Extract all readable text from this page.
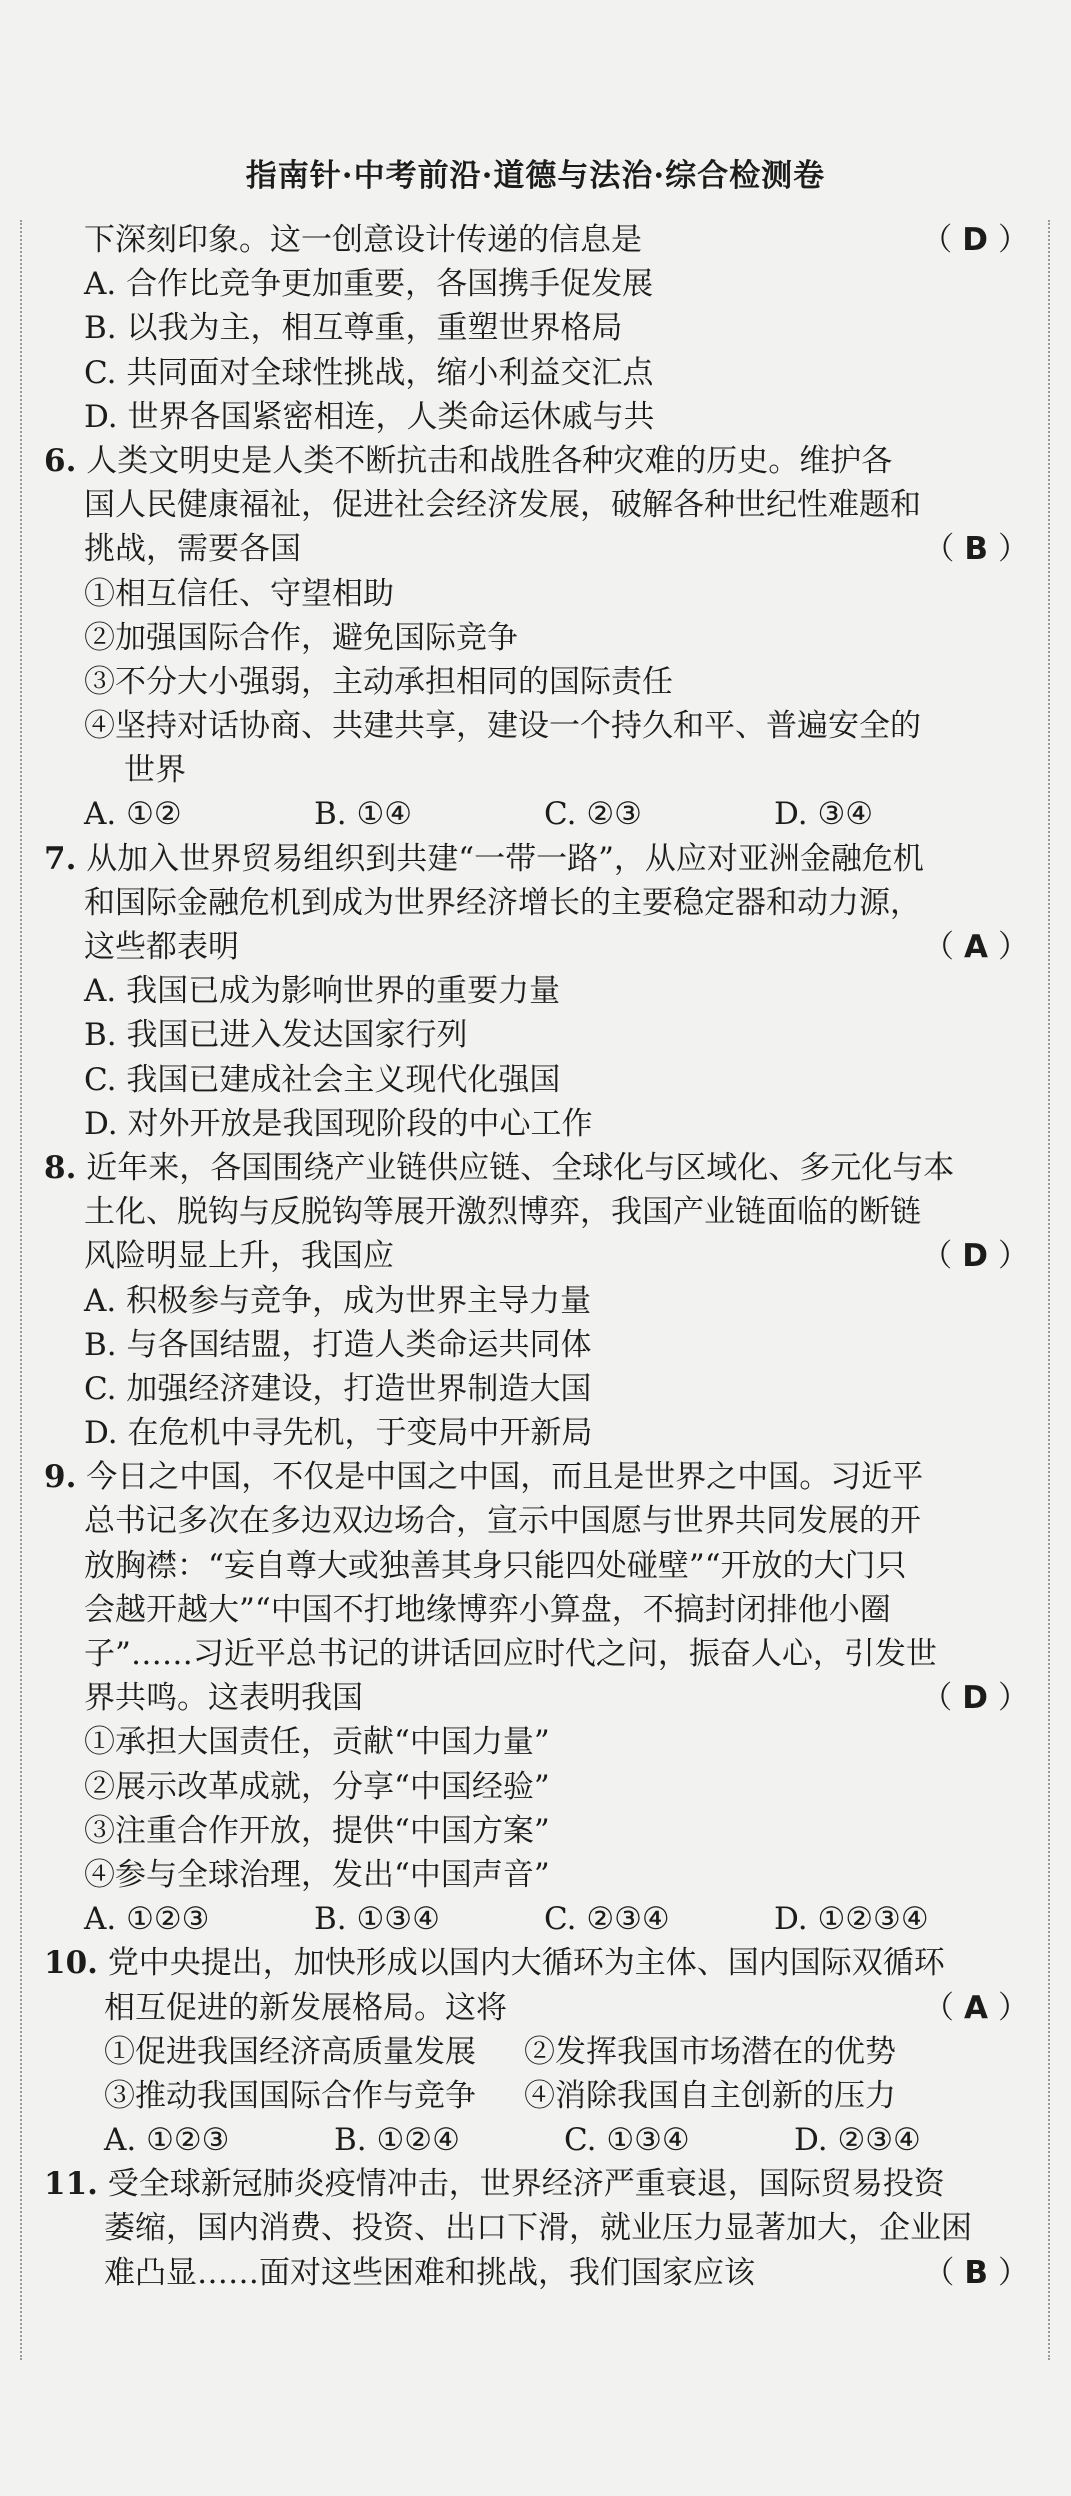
指南针·中考前沿·道德与法治·综合检测卷
下深刻印象。这一创意设计传递的信息是	（ D ）
A. 合作比竞争更加重要，各国携手促发展
B. 以我为主，相互尊重，重塑世界格局
C. 共同面对全球性挑战，缩小利益交汇点
D. 世界各国紧密相连，人类命运休戚与共
6. 人类文明史是人类不断抗击和战胜各种灾难的历史。维护各
国人民健康福祉，促进社会经济发展，破解各种世纪性难题和
挑战，需要各国	（ B ）
①相互信任、守望相助
②加强国际合作，避免国际竞争
③不分大小强弱，主动承担相同的国际责任
④坚持对话协商、共建共享，建设一个持久和平、普遍安全的
世界
A. ①②	B. ①④	C. ②③	D. ③④
7. 从加入世界贸易组织到共建“一带一路”，从应对亚洲金融危机
和国际金融危机到成为世界经济增长的主要稳定器和动力源，
这些都表明	（ A ）
A. 我国已成为影响世界的重要力量
B. 我国已进入发达国家行列
C. 我国已建成社会主义现代化强国
D. 对外开放是我国现阶段的中心工作
8. 近年来，各国围绕产业链供应链、全球化与区域化、多元化与本
土化、脱钩与反脱钩等展开激烈博弈，我国产业链面临的断链
风险明显上升，我国应	（ D ）
A. 积极参与竞争，成为世界主导力量
B. 与各国结盟，打造人类命运共同体
C. 加强经济建设，打造世界制造大国
D. 在危机中寻先机，于变局中开新局
9. 今日之中国，不仅是中国之中国，而且是世界之中国。习近平
总书记多次在多边双边场合，宣示中国愿与世界共同发展的开
放胸襟：“妄自尊大或独善其身只能四处碰壁”“开放的大门只
会越开越大”“中国不打地缘博弈小算盘，不搞封闭排他小圈
子”……习近平总书记的讲话回应时代之问，振奋人心，引发世
界共鸣。这表明我国	（ D ）
①承担大国责任，贡献“中国力量”
②展示改革成就，分享“中国经验”
③注重合作开放，提供“中国方案”
④参与全球治理，发出“中国声音”
A. ①②③	B. ①③④	C. ②③④	D. ①②③④
10. 党中央提出，加快形成以国内大循环为主体、国内国际双循环
相互促进的新发展格局。这将	（ A ）
①促进我国经济高质量发展	②发挥我国市场潜在的优势
③推动我国国际合作与竞争	④消除我国自主创新的压力
A. ①②③	B. ①②④	C. ①③④	D. ②③④
11. 受全球新冠肺炎疫情冲击，世界经济严重衰退，国际贸易投资
萎缩，国内消费、投资、出口下滑，就业压力显著加大，企业困
难凸显……面对这些困难和挑战，我们国家应该	（ B ）
